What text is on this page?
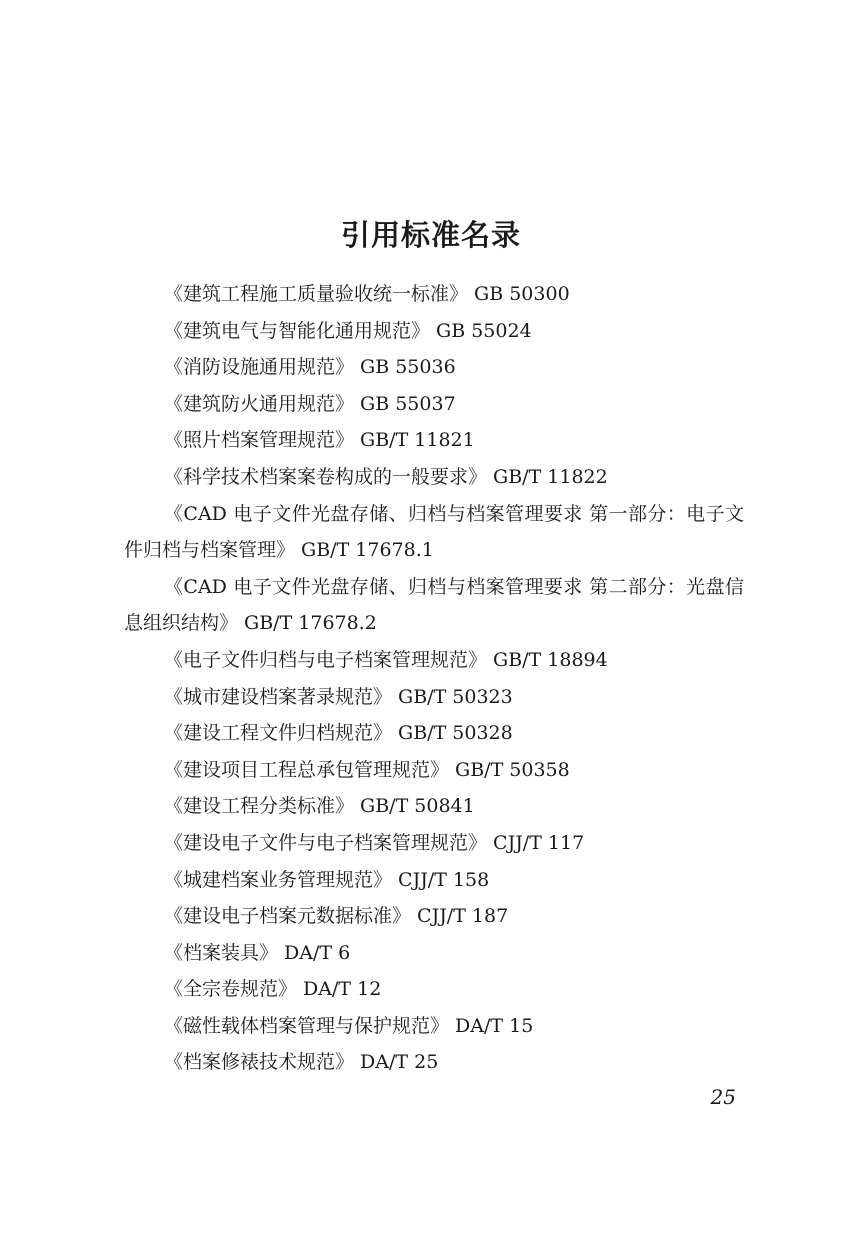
引用标准名录
《建筑工程施工质量验收统一标准》 GB 50300
《建筑电气与智能化通用规范》 GB 55024
《消防设施通用规范》 GB 55036
《建筑防火通用规范》 GB 55037
《照片档案管理规范》 GB/T 11821
《科学技术档案案卷构成的一般要求》 GB/T 11822
《CAD 电子文件光盘存储、归档与档案管理要求 第一部分：电子文件归档与档案管理》 GB/T 17678.1
《CAD 电子文件光盘存储、归档与档案管理要求 第二部分：光盘信息组织结构》 GB/T 17678.2
《电子文件归档与电子档案管理规范》 GB/T 18894
《城市建设档案著录规范》 GB/T 50323
《建设工程文件归档规范》 GB/T 50328
《建设项目工程总承包管理规范》 GB/T 50358
《建设工程分类标准》 GB/T 50841
《建设电子文件与电子档案管理规范》 CJJ/T 117
《城建档案业务管理规范》 CJJ/T 158
《建设电子档案元数据标准》 CJJ/T 187
《档案装具》 DA/T 6
《全宗卷规范》 DA/T 12
《磁性载体档案管理与保护规范》 DA/T 15
《档案修裱技术规范》 DA/T 25
25
